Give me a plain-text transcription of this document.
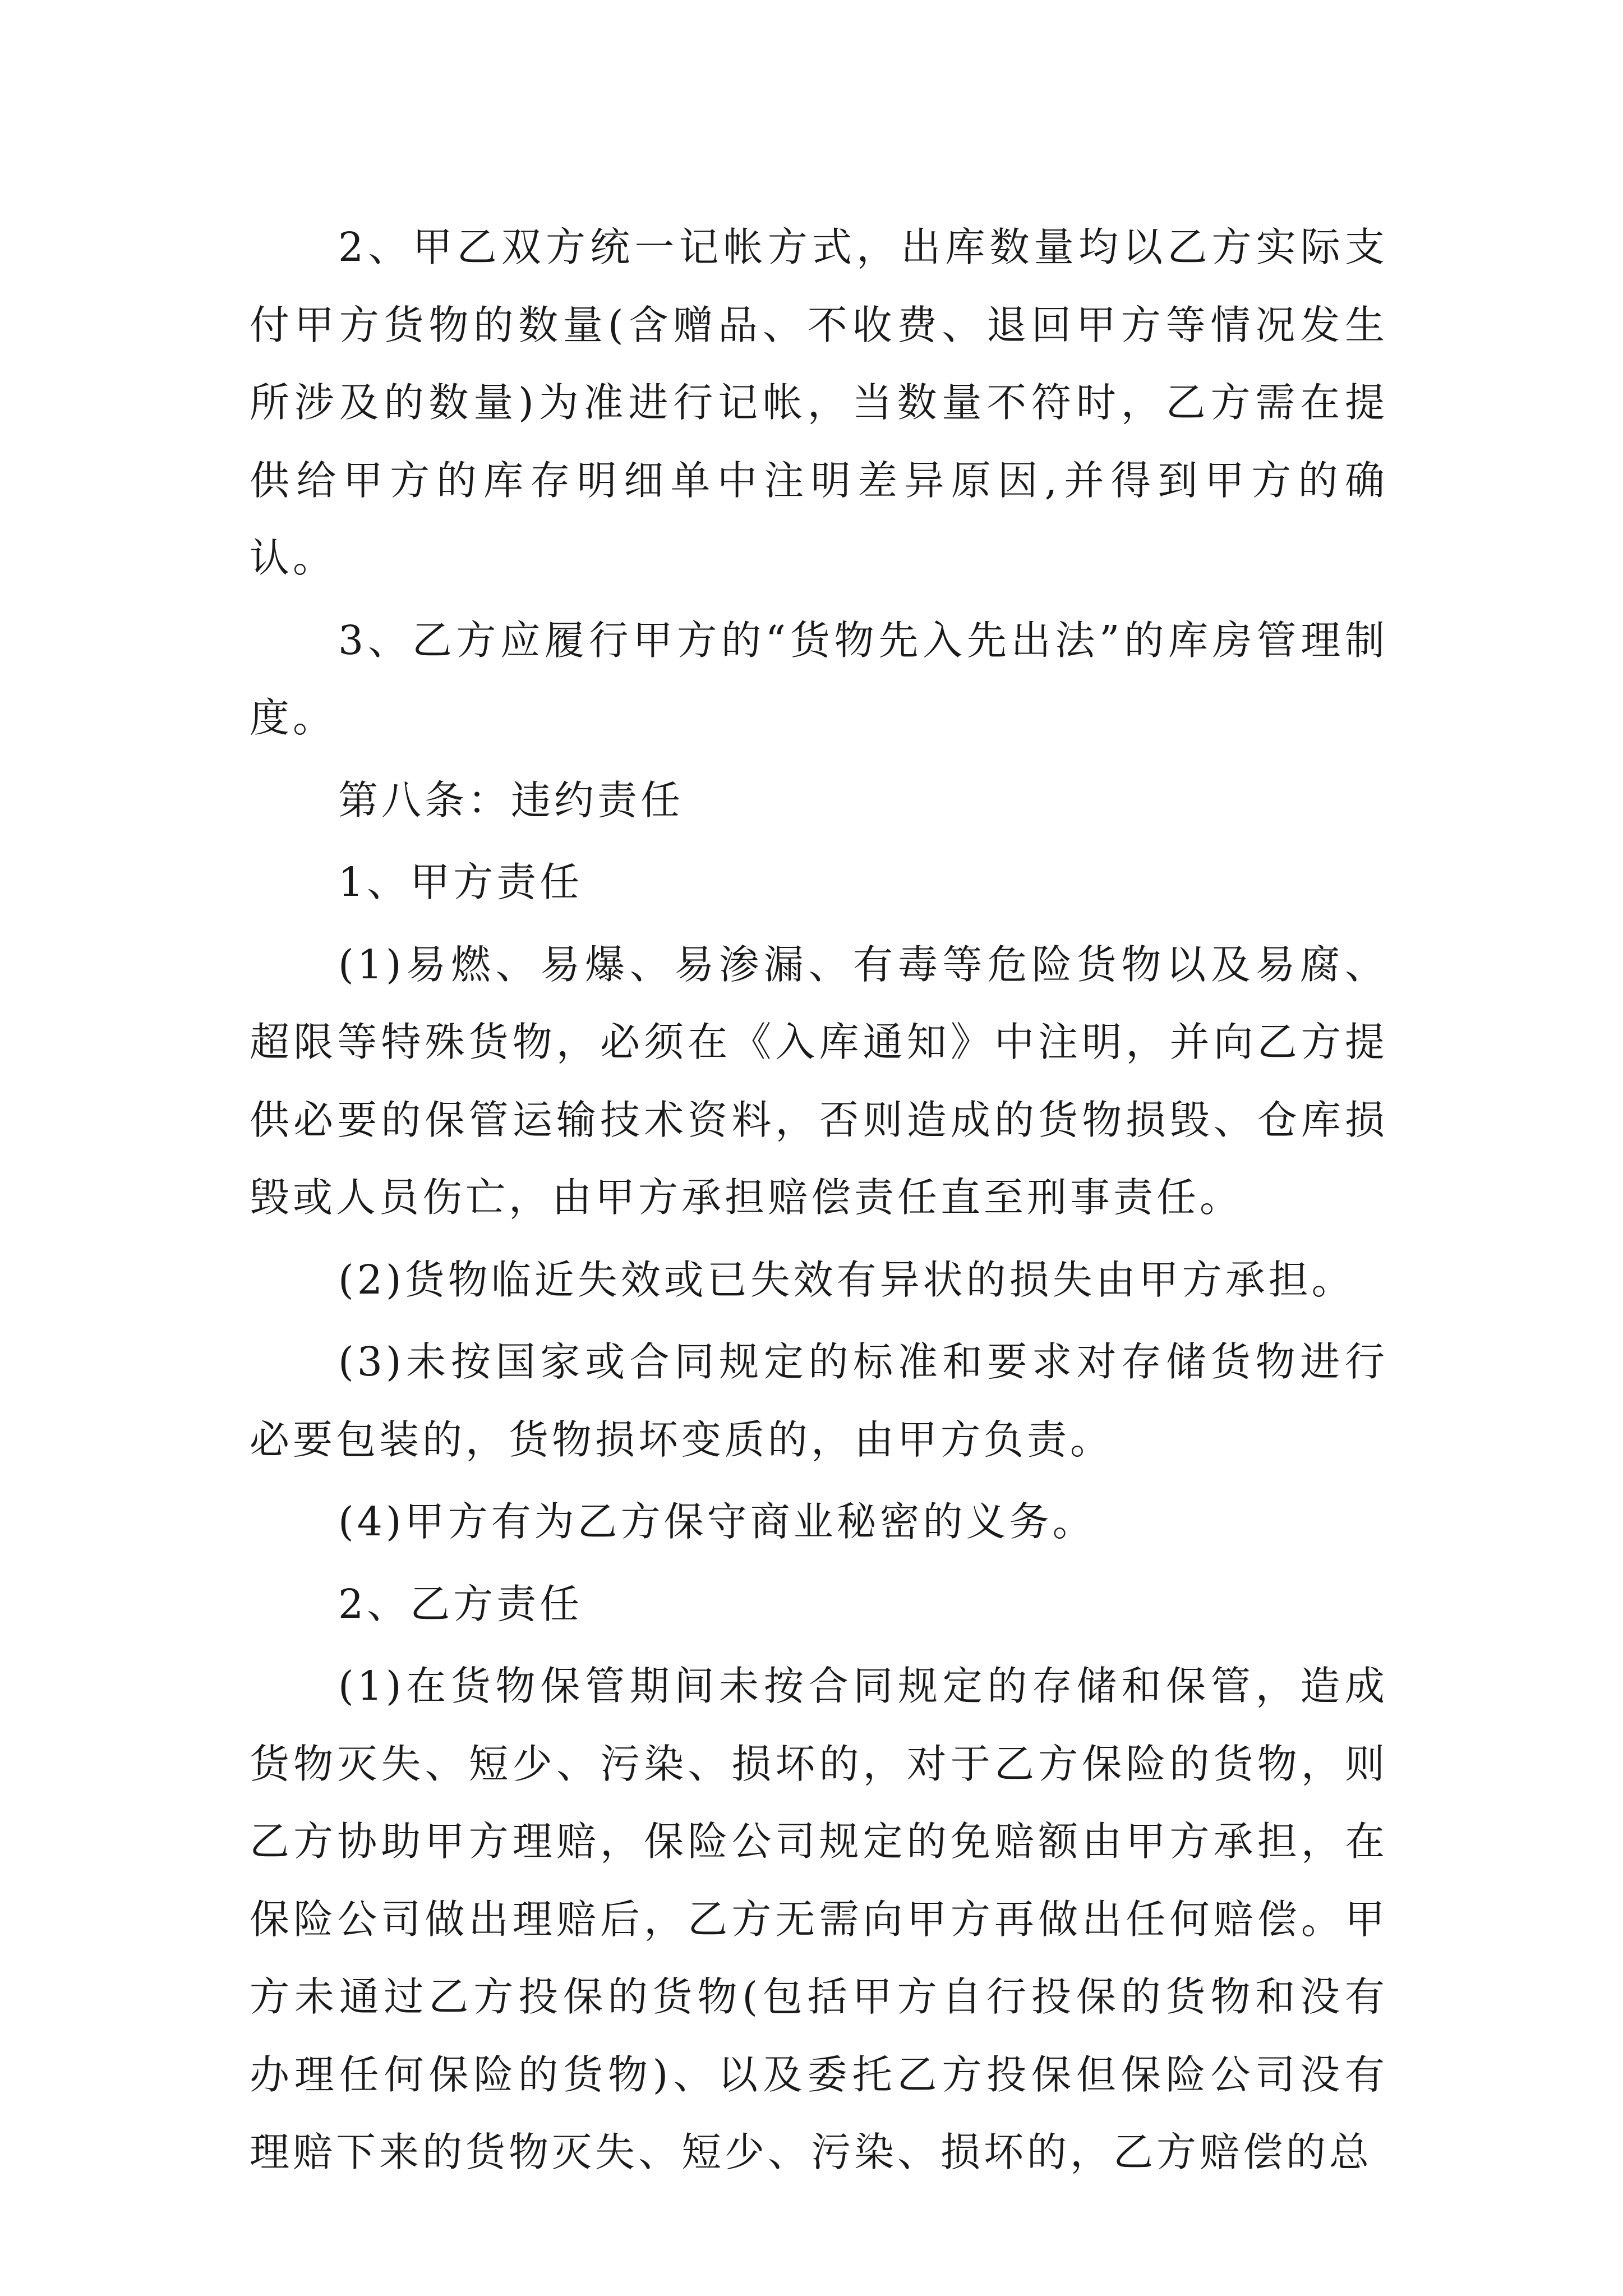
2、甲乙双方统一记帐方式，出库数量均以乙方实际支付甲方货物的数量(含赠品、不收费、退回甲方等情况发生所涉及的数量)为准进行记帐，当数量不符时，乙方需在提供给甲方的库存明细单中注明差异原因,并得到甲方的确认。

3、乙方应履行甲方的“货物先入先出法”的库房管理制度。

第八条：违约责任

1、甲方责任

(1)易燃、易爆、易渗漏、有毒等危险货物以及易腐、超限等特殊货物，必须在《入库通知》中注明，并向乙方提供必要的保管运输技术资料，否则造成的货物损毁、仓库损毁或人员伤亡，由甲方承担赔偿责任直至刑事责任。

(2)货物临近失效或已失效有异状的损失由甲方承担。

(3)未按国家或合同规定的标准和要求对存储货物进行必要包装的，货物损坏变质的，由甲方负责。

(4)甲方有为乙方保守商业秘密的义务。

2、乙方责任

(1)在货物保管期间未按合同规定的存储和保管，造成货物灭失、短少、污染、损坏的，对于乙方保险的货物，则乙方协助甲方理赔，保险公司规定的免赔额由甲方承担，在保险公司做出理赔后，乙方无需向甲方再做出任何赔偿。甲方未通过乙方投保的货物(包括甲方自行投保的货物和没有办理任何保险的货物)、以及委托乙方投保但保险公司没有理赔下来的货物灭失、短少、污染、损坏的，乙方赔偿的总
